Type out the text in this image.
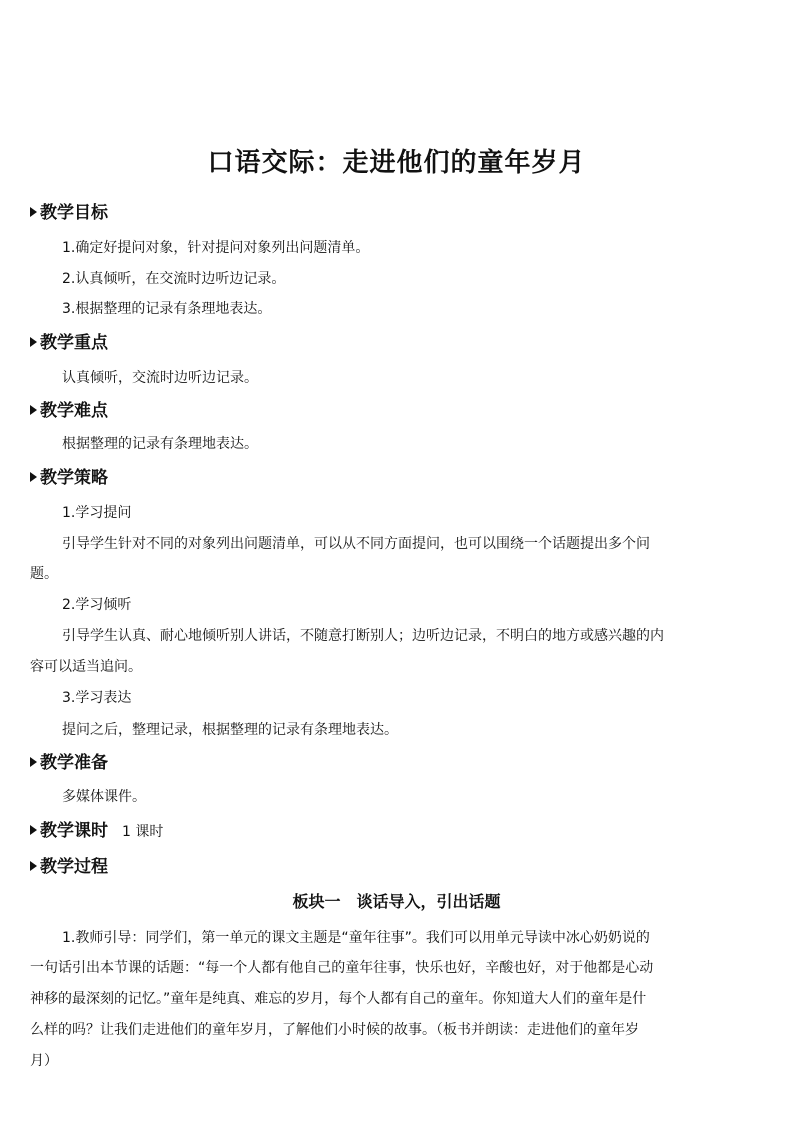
口语交际：走进他们的童年岁月
教学目标
1.确定好提问对象，针对提问对象列出问题清单。
2.认真倾听，在交流时边听边记录。
3.根据整理的记录有条理地表达。
教学重点
认真倾听，交流时边听边记录。
教学难点
根据整理的记录有条理地表达。
教学策略
1.学习提问
引导学生针对不同的对象列出问题清单，可以从不同方面提问，也可以围绕一个话题提出多个问
题。
2.学习倾听
引导学生认真、耐心地倾听别人讲话，不随意打断别人；边听边记录，不明白的地方或感兴趣的内
容可以适当追问。
3.学习表达
提问之后，整理记录，根据整理的记录有条理地表达。
教学准备
多媒体课件。
教学课时 1 课时
教学过程
板块一　谈话导入，引出话题
1.教师引导：同学们，第一单元的课文主题是“童年往事”。我们可以用单元导读中冰心奶奶说的
一句话引出本节课的话题：“每一个人都有他自己的童年往事，快乐也好，辛酸也好，对于他都是心动
神移的最深刻的记忆。”童年是纯真、难忘的岁月，每个人都有自己的童年。你知道大人们的童年是什
么样的吗？让我们走进他们的童年岁月，了解他们小时候的故事。（板书并朗读：走进他们的童年岁
月）
